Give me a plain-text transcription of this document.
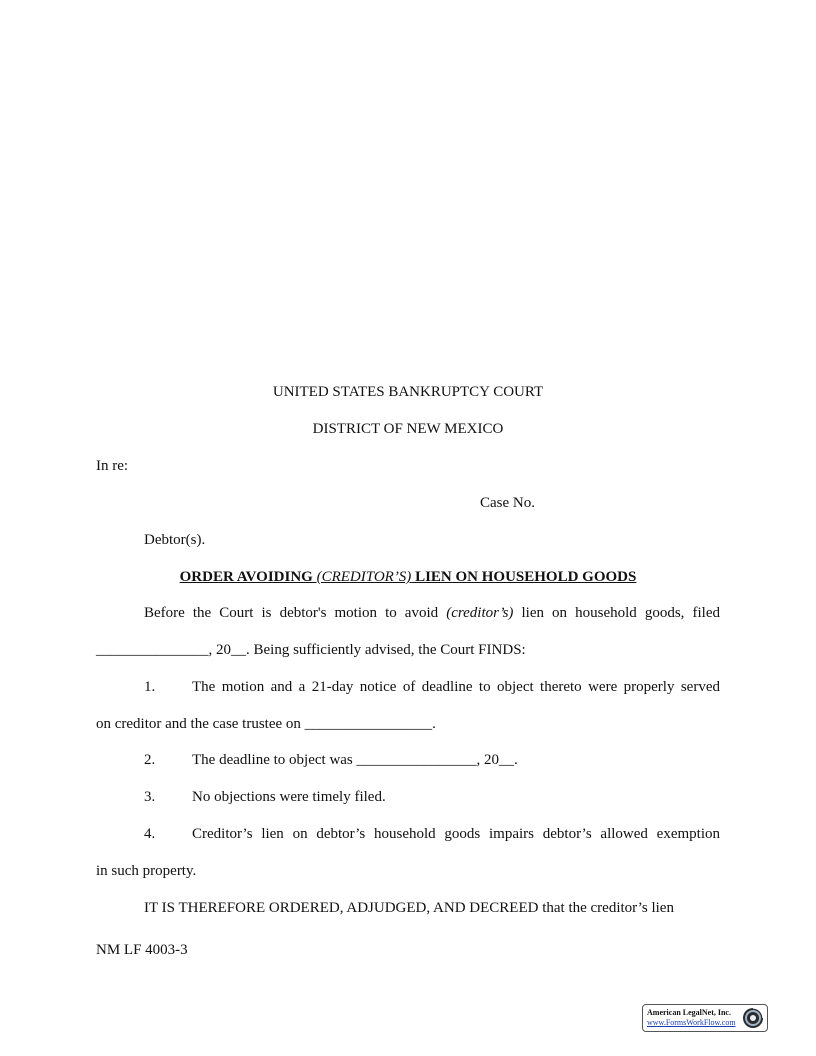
UNITED STATES BANKRUPTCY COURT
DISTRICT OF NEW MEXICO
In re:
Case No.
Debtor(s).
ORDER AVOIDING (CREDITOR’S) LIEN ON HOUSEHOLD GOODS
Before the Court is debtor's motion to avoid (creditor’s) lien on household goods, filed
_______________, 20__. Being sufficiently advised, the Court FINDS:
1. The motion and a 21-day notice of deadline to object thereto were properly served
on creditor and the case trustee on _________________.
2. The deadline to object was ________________, 20__.
3. No objections were timely filed.
4. Creditor’s lien on debtor’s household goods impairs debtor’s allowed exemption
in such property.
IT IS THEREFORE ORDERED, ADJUDGED, AND DECREED that the creditor’s lien
NM LF 4003-3
American LegalNet, Inc.
www.FormsWorkFlow.com
